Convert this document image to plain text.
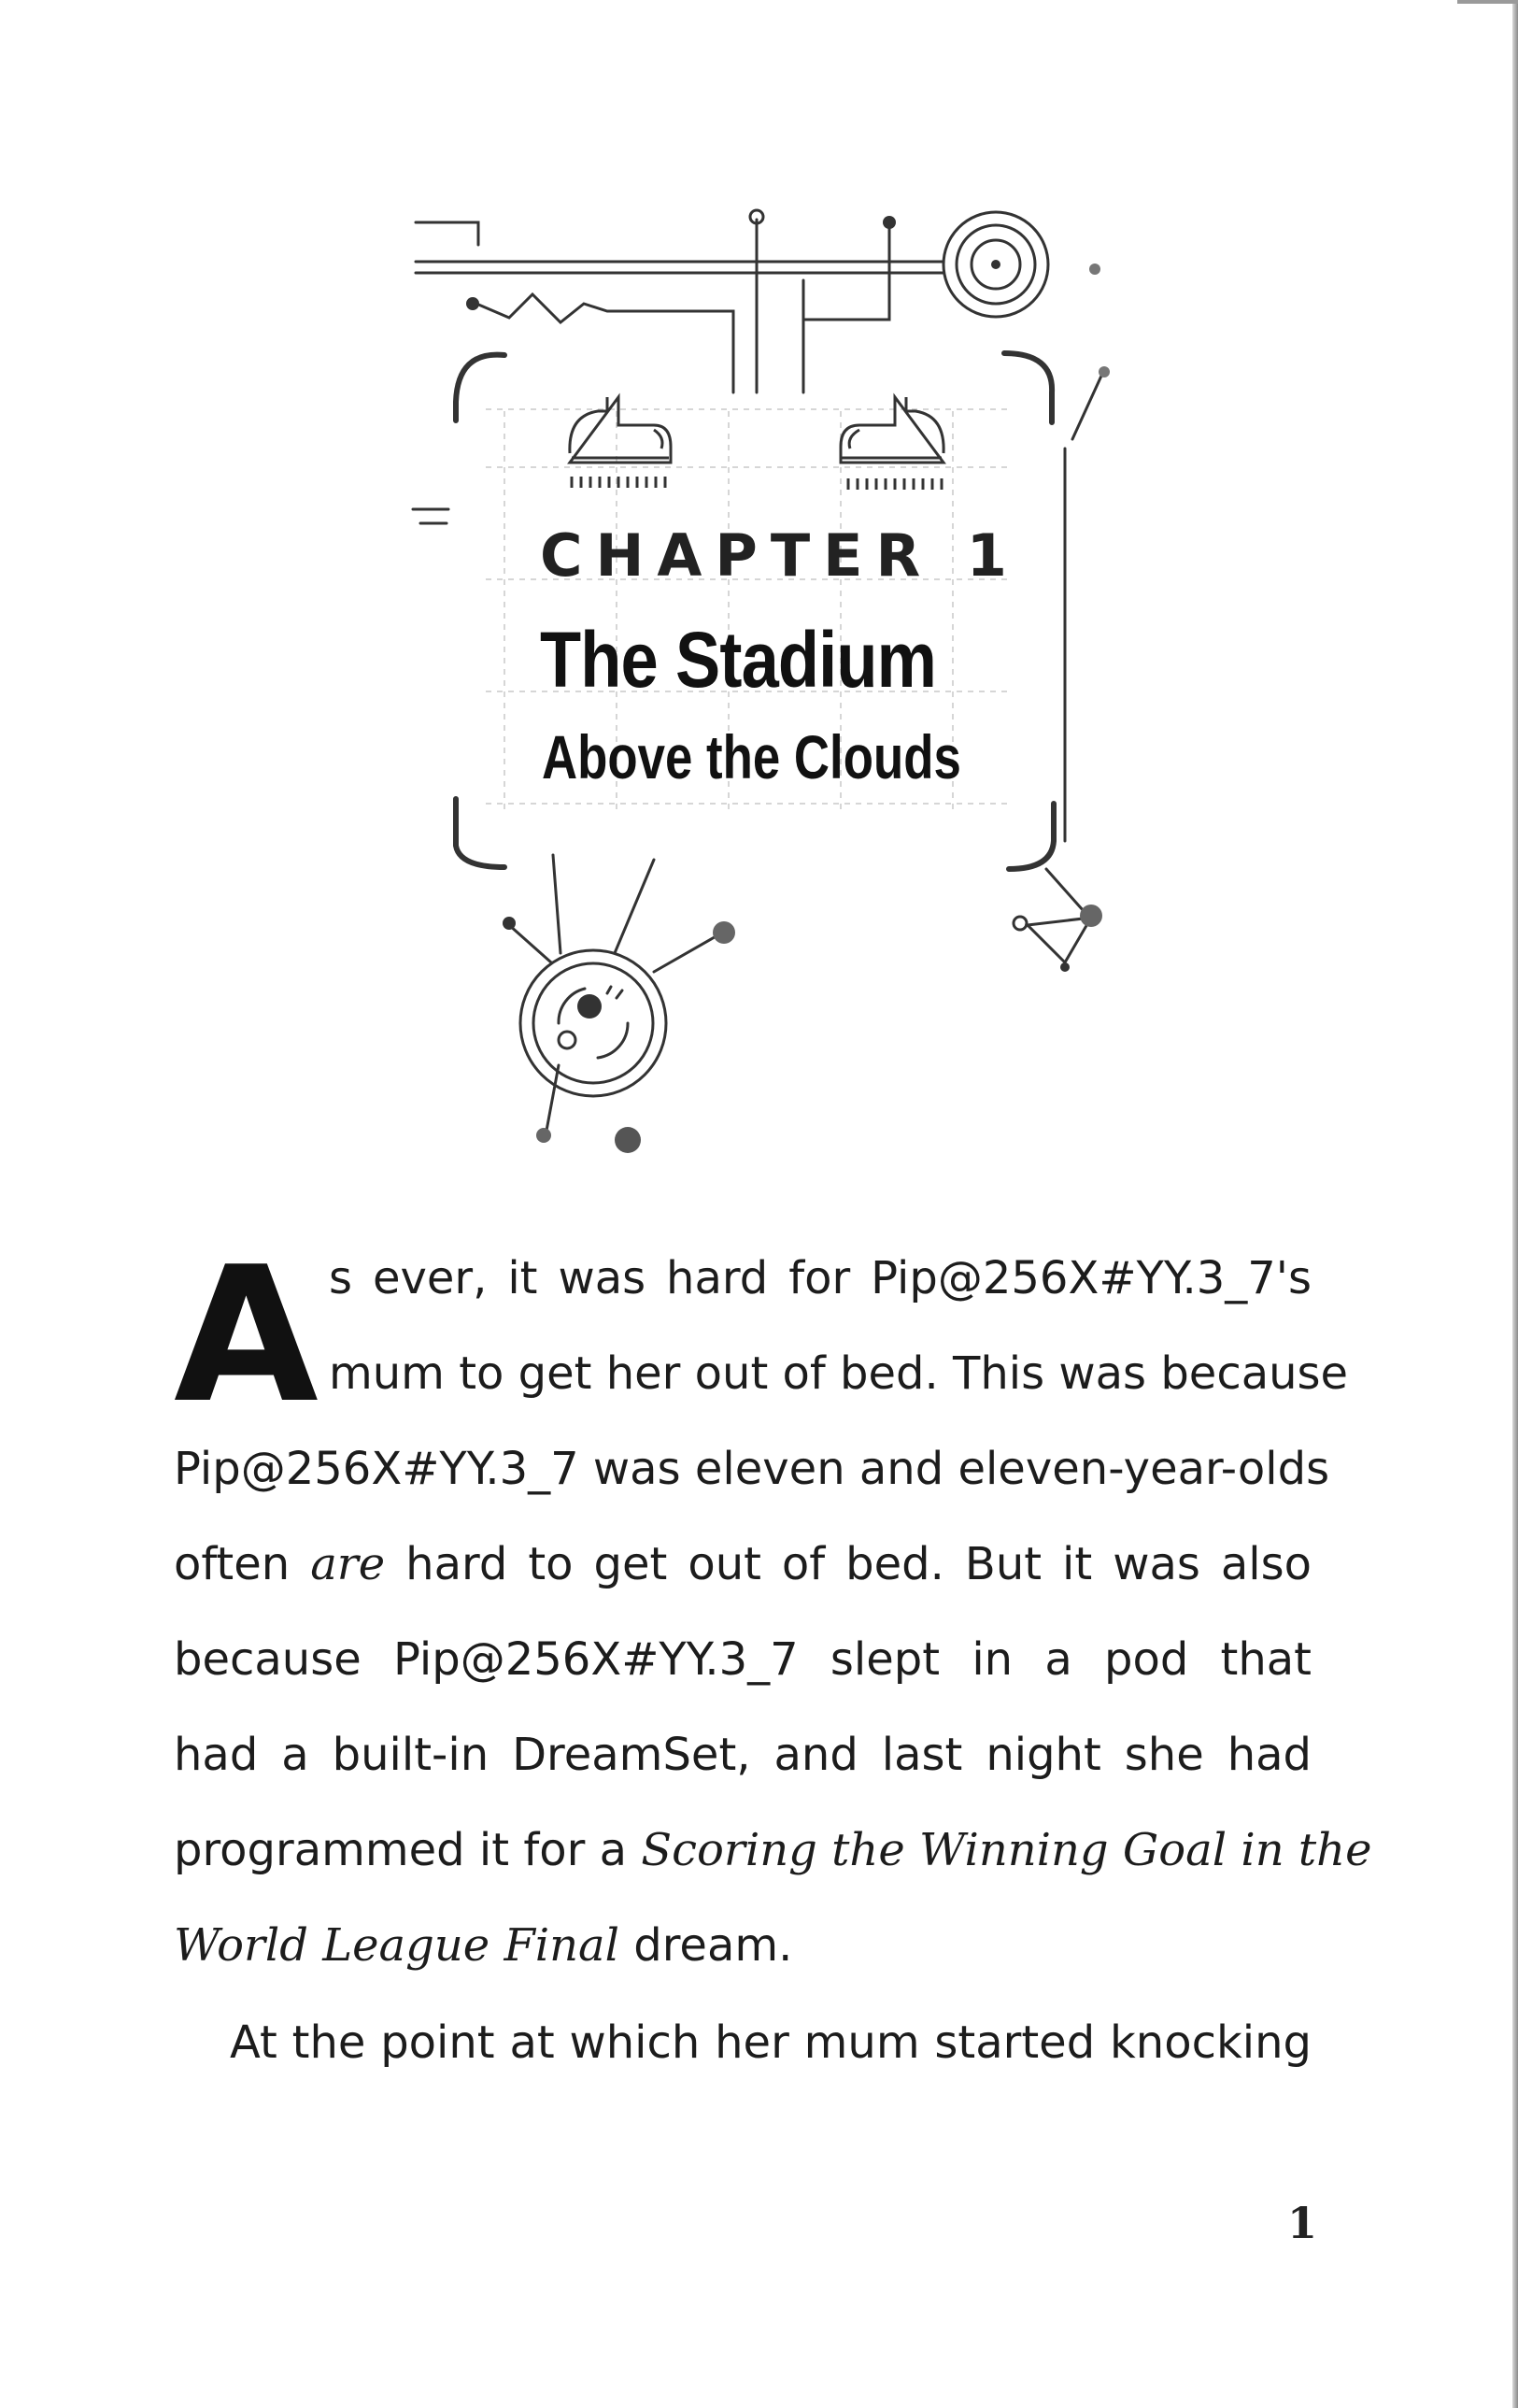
CHAPTER 1
The Stadium
Above the Clouds
A s ever, it was hard for Pip@256X#YY.3_7's
mum to get her out of bed. This was because
Pip@256X#YY.3_7 was eleven and eleven-year-olds
often are hard to get out of bed. But it was also
because Pip@256X#YY.3_7 slept in a pod that
had a built-in DreamSet, and last night she had
programmed it for a Scoring the Winning Goal in the
World League Final dream.
At the point at which her mum started knocking
1
